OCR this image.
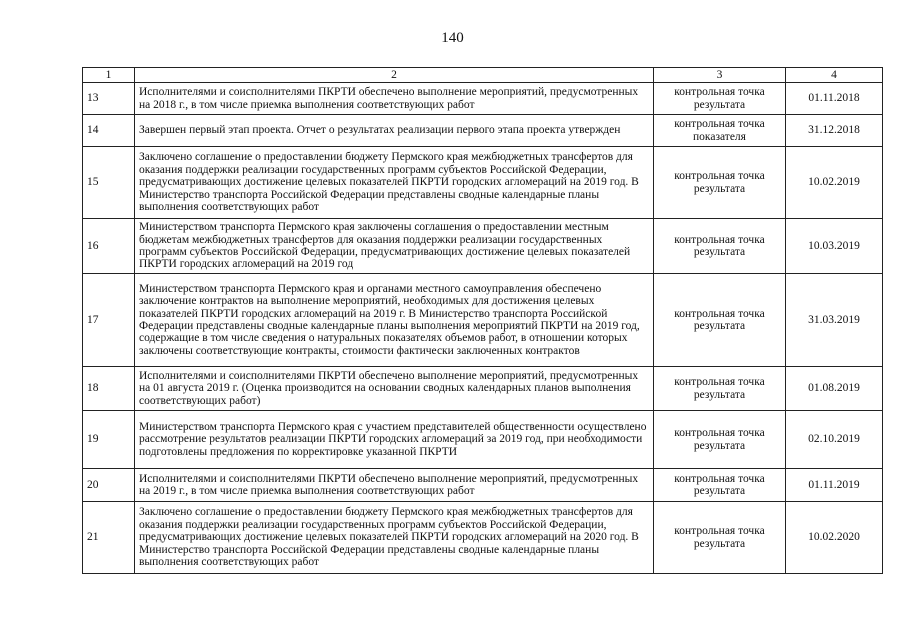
140
1	2	3	4
13	Исполнителями и соисполнителями ПКРТИ обеспечено выполнение мероприятий, предусмотренных на 2018 г., в том числе приемка выполнения соответствующих работ	контрольная точка результата	01.11.2018
14	Завершен первый этап проекта. Отчет о результатах реализации первого этапа проекта утвержден	контрольная точка показателя	31.12.2018
15	Заключено соглашение о предоставлении бюджету Пермского края межбюджетных трансфертов для оказания поддержки реализации государственных программ субъектов Российской Федерации, предусматривающих достижение целевых показателей ПКРТИ городских агломераций на 2019 год. В Министерство транспорта Российской Федерации представлены сводные календарные планы выполнения соответствующих работ	контрольная точка результата	10.02.2019
16	Министерством транспорта Пермского края заключены соглашения о предоставлении местным бюджетам межбюджетных трансфертов для оказания поддержки реализации государственных программ субъектов Российской Федерации, предусматривающих достижение целевых показателей ПКРТИ городских агломераций на 2019 год	контрольная точка результата	10.03.2019
17	Министерством транспорта Пермского края и органами местного самоуправления обеспечено заключение контрактов на выполнение мероприятий, необходимых для достижения целевых показателей ПКРТИ городских агломераций на 2019 г. В Министерство транспорта Российской Федерации представлены сводные календарные планы выполнения мероприятий ПКРТИ на 2019 год, содержащие в том числе сведения о натуральных показателях объемов работ, в отношении которых заключены соответствующие контракты, стоимости фактически заключенных контрактов	контрольная точка результата	31.03.2019
18	Исполнителями и соисполнителями ПКРТИ обеспечено выполнение мероприятий, предусмотренных на 01 августа 2019 г. (Оценка производится на основании сводных календарных планов выполнения соответствующих работ)	контрольная точка результата	01.08.2019
19	Министерством транспорта Пермского края с участием представителей общественности осуществлено рассмотрение результатов реализации ПКРТИ городских агломераций за 2019 год, при необходимости подготовлены предложения по корректировке указанной ПКРТИ	контрольная точка результата	02.10.2019
20	Исполнителями и соисполнителями ПКРТИ обеспечено выполнение мероприятий, предусмотренных на 2019 г., в том числе приемка выполнения соответствующих работ	контрольная точка результата	01.11.2019
21	Заключено соглашение о предоставлении бюджету Пермского края межбюджетных трансфертов для оказания поддержки реализации государственных программ субъектов Российской Федерации, предусматривающих достижение целевых показателей ПКРТИ городских агломераций на 2020 год. В Министерство транспорта Российской Федерации представлены сводные календарные планы выполнения соответствующих работ	контрольная точка результата	10.02.2020
